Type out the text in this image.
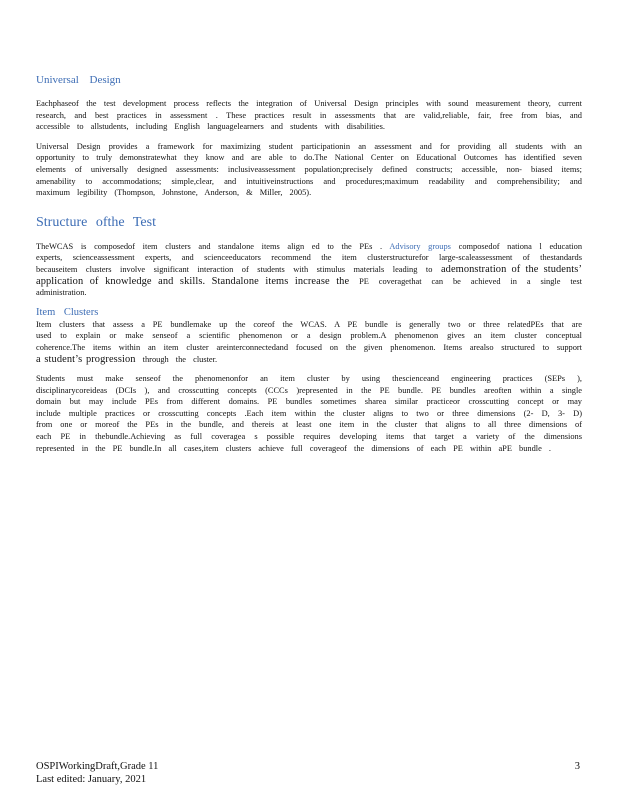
Universal Design

Eachphaseof the test development process reflects the integration of Universal Design principles with sound measurement theory, current research, and best practices in assessment . These practices result in assessments that are valid,reliable, fair, free from bias, and accessible to allstudents, including English languagelearners and students with disabilities.

Universal Design provides a framework for maximizing student participationin an assessment and for providing all students with an opportunity to truly demonstratewhat they know and are able to do.The National Center on Educational Outcomes has identified seven elements of universally designed assessments: inclusiveassessment population;precisely defined constructs; accessible, non- biased items; amenability to accommodations; simple,clear, and intuitiveinstructions and procedures;maximum readability and comprehensibility; and maximum legibility (Thompson, Johnstone, Anderson, & Miller, 2005).

Structure ofthe Test

TheWCAS is composedof item clusters and standalone items align ed to the PEs . Advisory groups composedof nationa l education experts, scienceassessment experts, and scienceeducators recommend the item clusterstructurefor large-scaleassessment of thestandards becauseitem clusters involve significant interaction of students with stimulus materials leading to ademonstration of the students’ application of knowledge and skills. Standalone items increase the PE coveragethat can be achieved in a single test administration.

Item Clusters

Item clusters that assess a PE bundlemake up the coreof the WCAS. A PE bundle is generally two or three relatedPEs that are used to explain or make senseof a scientific phenomenon or a design problem.A phenomenon gives an item cluster conceptual coherence.The items within an item cluster areinterconnectedand focused on the given phenomenon. Items arealso structured to support a student’s progression through the cluster.

Students must make senseof the phenomenonfor an item cluster by using thescienceand engineering practices (SEPs ), disciplinarycoreideas (DCIs ), and crosscutting concepts (CCCs )represented in the PE bundle. PE bundles areoften within a single domain but may include PEs from different domains. PE bundles sometimes sharea similar practiceor crosscutting concept or may include multiple practices or crosscutting concepts .Each item within the cluster aligns to two or three dimensions (2- D, 3- D) from one or moreof the PEs in the bundle, and thereis at least one item in the cluster that aligns to all three dimensions of each PE in thebundle.Achieving as full coveragea s possible requires developing items that target a variety of the dimensions represented in the PE bundle.In all cases,item clusters achieve full coverageof the dimensions of each PE within aPE bundle .

OSPIWorkingDraft,Grade 11
Last edited: January, 2021
3
